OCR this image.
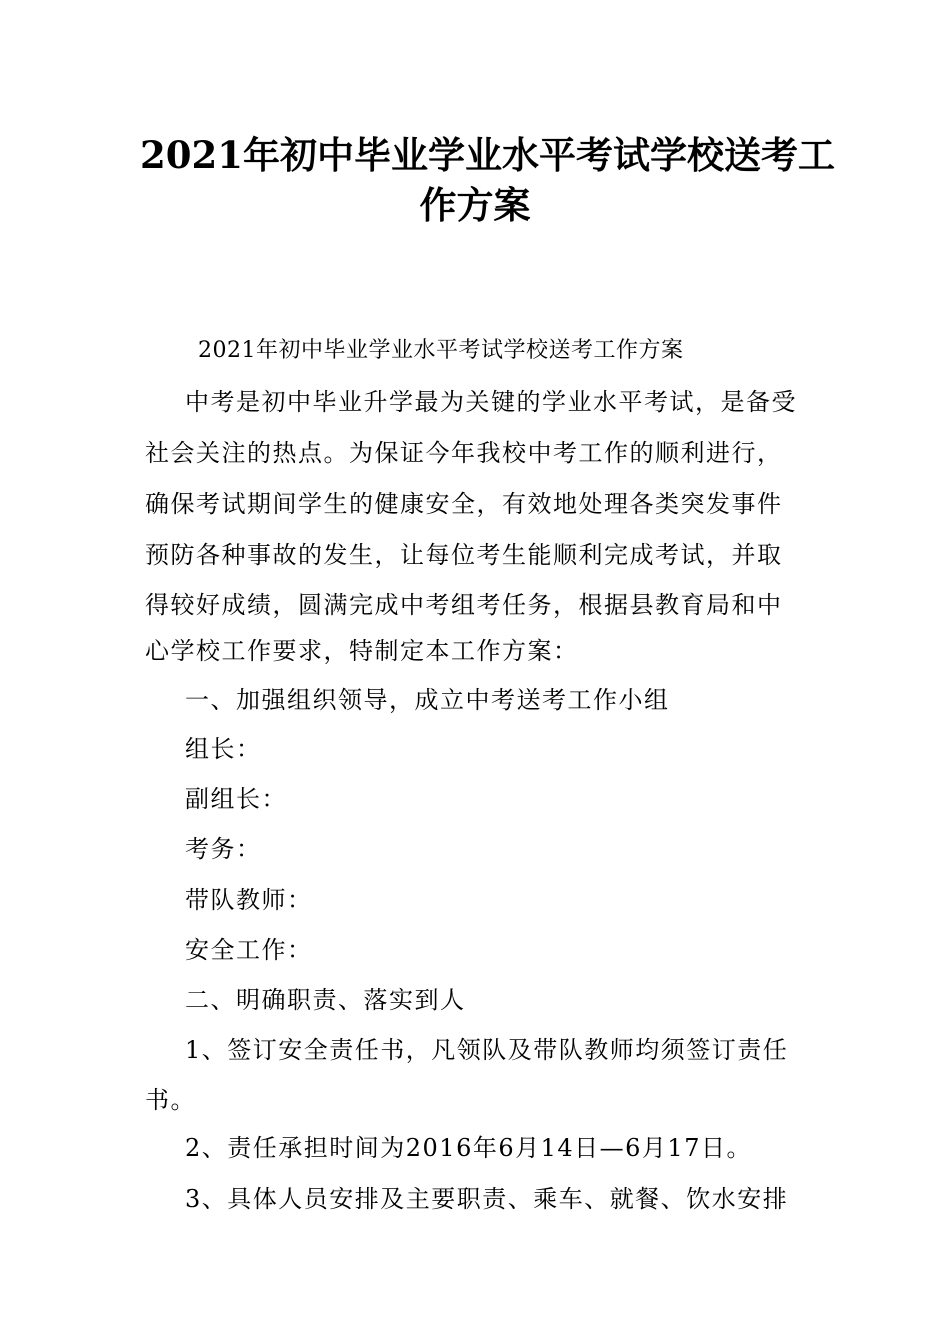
2021年初中毕业学业水平考试学校送考工
作方案
2021年初中毕业学业水平考试学校送考工作方案
中考是初中毕业升学最为关键的学业水平考试，是备受
社会关注的热点。为保证今年我校中考工作的顺利进行，
确保考试期间学生的健康安全，有效地处理各类突发事件
预防各种事故的发生，让每位考生能顺利完成考试，并取
得较好成绩，圆满完成中考组考任务，根据县教育局和中
心学校工作要求，特制定本工作方案：
一、加强组织领导，成立中考送考工作小组
组长：
副组长：
考务：
带队教师：
安全工作：
二、明确职责、落实到人
1、签订安全责任书，凡领队及带队教师均须签订责任
书。
2、责任承担时间为2016年6月14日—6月17日。
3、具体人员安排及主要职责、乘车、就餐、饮水安排
